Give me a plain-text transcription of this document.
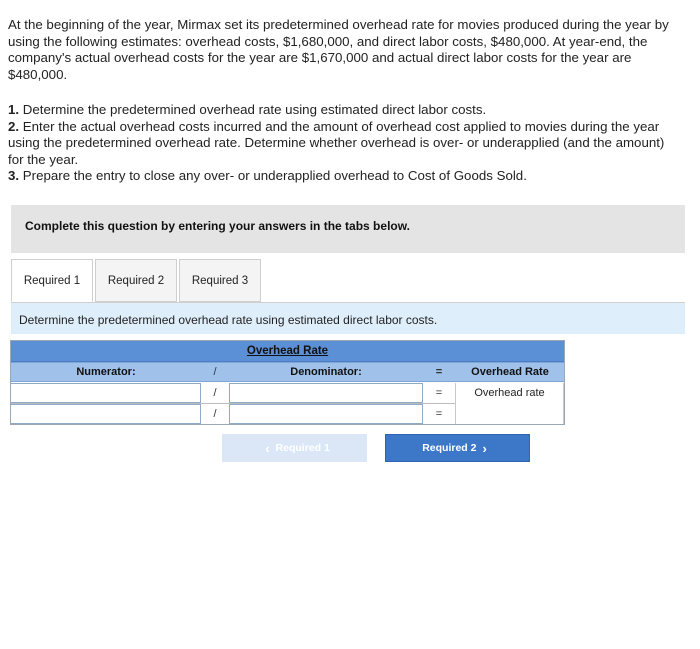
At the beginning of the year, Mirmax set its predetermined overhead rate for movies produced during the year by using the following estimates: overhead costs, $1,680,000, and direct labor costs, $480,000. At year-end, the company's actual overhead costs for the year are $1,670,000 and actual direct labor costs for the year are $480,000.

1. Determine the predetermined overhead rate using estimated direct labor costs.
2. Enter the actual overhead costs incurred and the amount of overhead cost applied to movies during the year using the predetermined overhead rate. Determine whether overhead is over- or underapplied (and the amount) for the year.
3. Prepare the entry to close any over- or underapplied overhead to Cost of Goods Sold.
Complete this question by entering your answers in the tabs below.
Required 1 Required 2 Required 3
Determine the predetermined overhead rate using estimated direct labor costs.
Overhead Rate
Numerator:	/	Denominator:	=	Overhead Rate
/	=	Overhead rate
/	=
‹ Required 1	Required 2 ›
